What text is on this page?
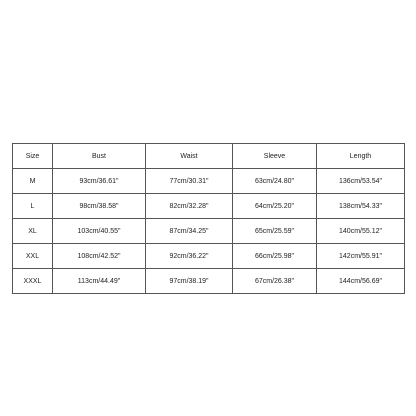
Size	Bust	Waist	Sleeve	Length
M	93cm/36.61"	77cm/30.31"	63cm/24.80"	136cm/53.54"
L	98cm/38.58"	82cm/32.28"	64cm/25.20"	138cm/54.33"
XL	103cm/40.55"	87cm/34.25"	65cm/25.59"	140cm/55.12"
XXL	108cm/42.52"	92cm/36.22"	66cm/25.98"	142cm/55.91"
XXXL	113cm/44.49"	97cm/38.19"	67cm/26.38"	144cm/56.69"
